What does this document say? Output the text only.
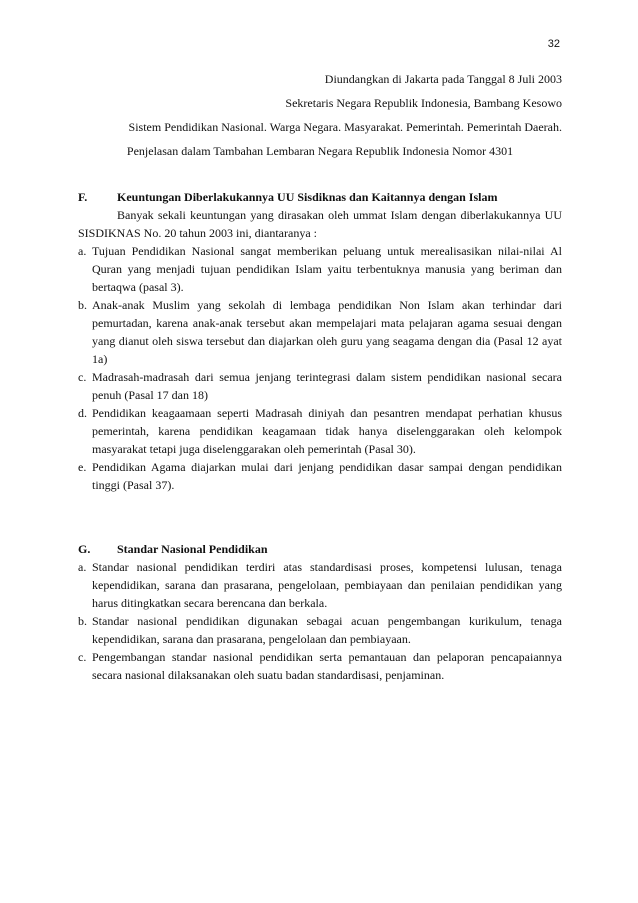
32

Diundangkan di Jakarta pada Tanggal 8 Juli 2003

Sekretaris Negara Republik Indonesia, Bambang Kesowo

Sistem Pendidikan Nasional. Warga Negara. Masyarakat. Pemerintah. Pemerintah Daerah.

Penjelasan dalam Tambahan Lembaran Negara Republik Indonesia Nomor 4301

F.	Keuntungan Diberlakukannya UU Sisdiknas dan Kaitannya dengan Islam

Banyak sekali keuntungan yang dirasakan oleh ummat Islam dengan diberlakukannya UU SISDIKNAS No. 20 tahun 2003 ini, diantaranya :

a. Tujuan Pendidikan Nasional sangat memberikan peluang untuk merealisasikan nilai-nilai Al Quran yang menjadi tujuan pendidikan Islam yaitu terbentuknya manusia yang beriman dan bertaqwa (pasal 3).
b. Anak-anak Muslim yang sekolah di lembaga pendidikan Non Islam akan terhindar dari pemurtadan, karena anak-anak tersebut akan mempelajari mata pelajaran agama sesuai dengan yang dianut oleh siswa tersebut dan diajarkan oleh guru yang seagama dengan dia (Pasal 12 ayat 1a)
c. Madrasah-madrasah dari semua jenjang terintegrasi dalam sistem pendidikan nasional secara penuh (Pasal 17 dan 18)
d. Pendidikan keagaamaan seperti Madrasah diniyah dan pesantren mendapat perhatian khusus pemerintah, karena pendidikan keagamaan tidak hanya diselenggarakan oleh kelompok masyarakat tetapi juga diselenggarakan oleh pemerintah (Pasal 30).
e. Pendidikan Agama diajarkan mulai dari jenjang pendidikan dasar sampai dengan pendidikan tinggi (Pasal 37).
G.	Standar Nasional Pendidikan
a. Standar nasional pendidikan terdiri atas standardisasi proses, kompetensi lulusan, tenaga kependidikan, sarana dan prasarana, pengelolaan, pembiayaan dan penilaian pendidikan yang harus ditingkatkan secara berencana dan berkala.
b. Standar nasional pendidikan digunakan sebagai acuan pengembangan kurikulum, tenaga kependidikan, sarana dan prasarana, pengelolaan dan pembiayaan.
c. Pengembangan standar nasional pendidikan serta pemantauan dan pelaporan pencapaiannya secara nasional dilaksanakan oleh suatu badan standardisasi, penjaminan.
